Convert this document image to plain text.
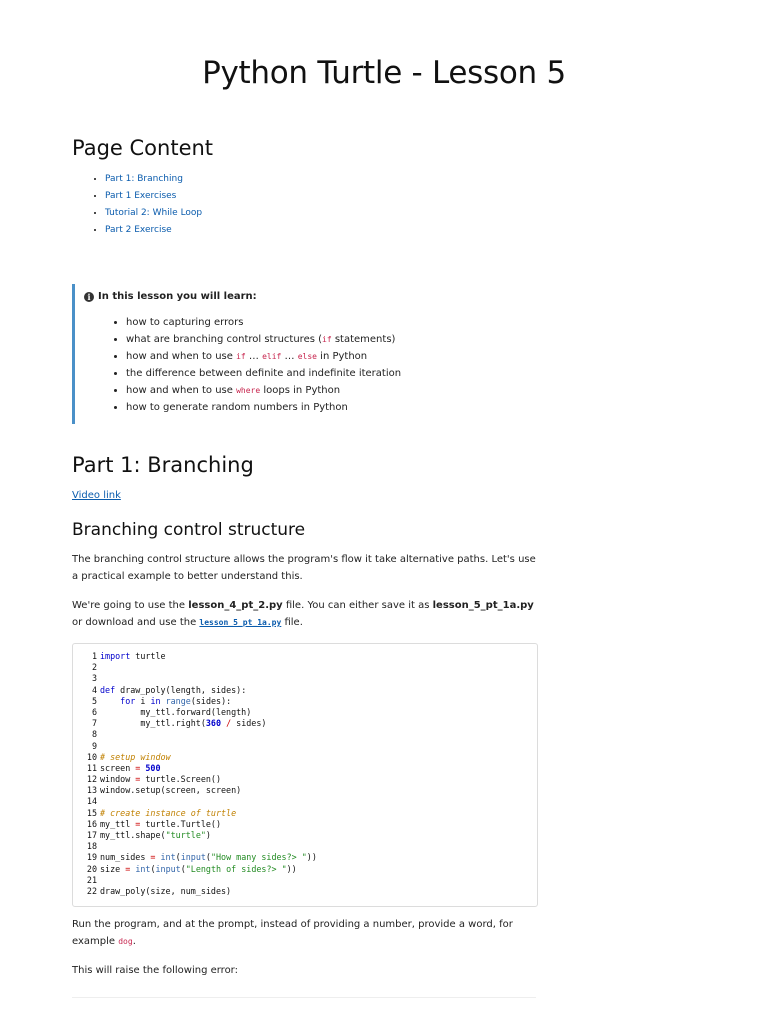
Python Turtle - Lesson 5
Page Content
• Part 1: Branching
• Part 1 Exercises
• Tutorial 2: While Loop
• Part 2 Exercise
i In this lesson you will learn:
• how to capturing errors
• what are branching control structures (if statements)
• how and when to use if … elif … else in Python
• the difference between definite and indefinite iteration
• how and when to use where loops in Python
• how to generate random numbers in Python
Part 1: Branching

Video link

Branching control structure

The branching control structure allows the program's flow it take alternative paths. Let's use a practical example to better understand this.

We're going to use the lesson_4_pt_2.py file. You can either save it as lesson_5_pt_1a.py or download and use the lesson_5_pt_1a.py file.

1 import turtle
2
3
4 def draw_poly(length, sides):
5	for i in range(sides):
6        my_ttl.forward(length)
7        my_ttl.right(360 / sides)
8
9
10 # setup window
11 screen = 500
12 window = turtle.Screen()
13 window.setup(screen, screen)
14
15 # create instance of turtle
16 my_ttl = turtle.Turtle()
17 my_ttl.shape("turtle")
18
19 num_sides = int(input("How many sides?> "))
20 size = int(input("Length of sides?> "))
21
22 draw_poly(size, num_sides)

Run the program, and at the prompt, instead of providing a number, provide a word, for example dog.

This will raise the following error:
